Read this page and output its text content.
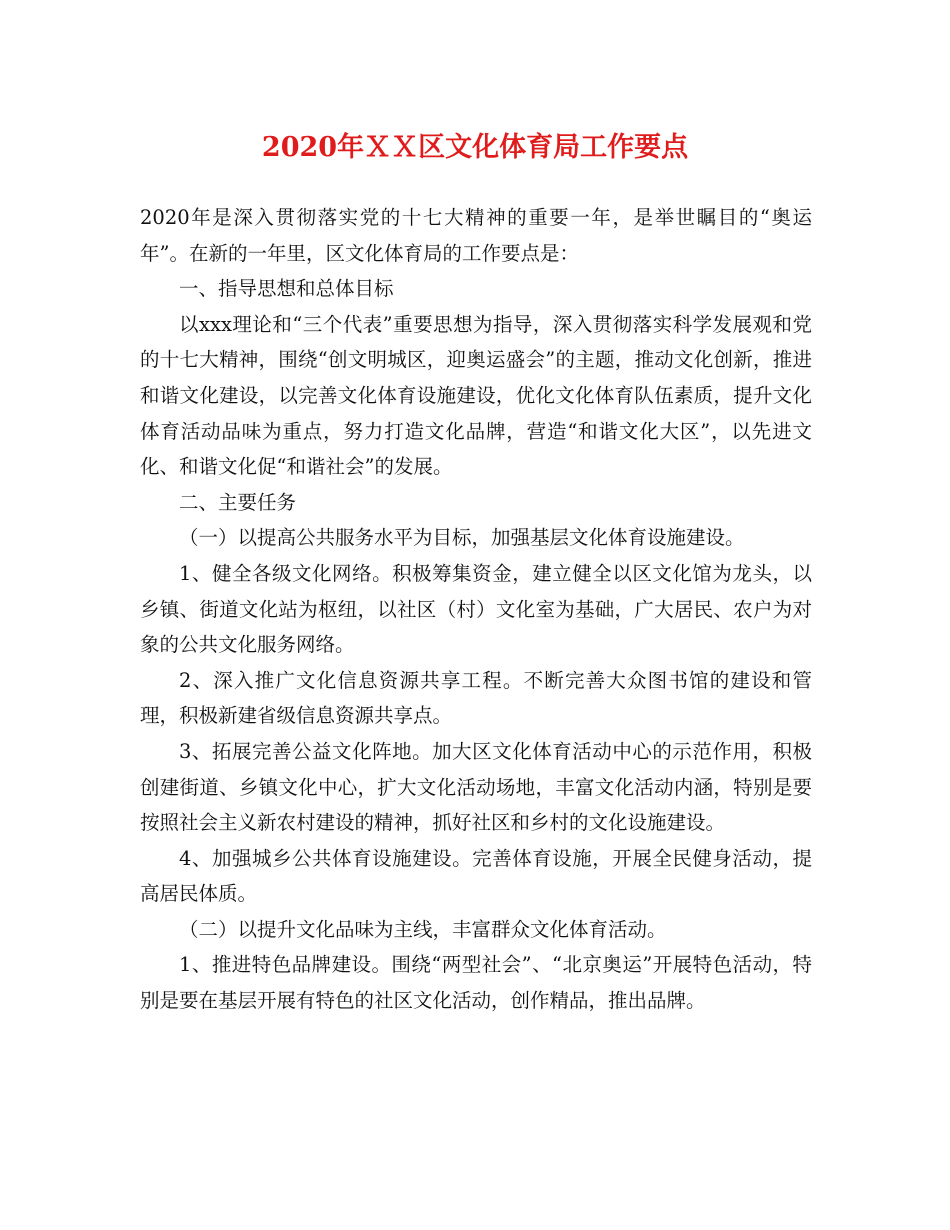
2020年ＸＸ区文化体育局工作要点

2020年是深入贯彻落实党的十七大精神的重要一年，是举世瞩目的“奥运年”。在新的一年里，区文化体育局的工作要点是：

一、指导思想和总体目标

以xxx理论和“三个代表”重要思想为指导，深入贯彻落实科学发展观和党的十七大精神，围绕“创文明城区，迎奥运盛会”的主题，推动文化创新，推进和谐文化建设，以完善文化体育设施建设，优化文化体育队伍素质，提升文化体育活动品味为重点，努力打造文化品牌，营造“和谐文化大区”，以先进文化、和谐文化促“和谐社会”的发展。

二、主要任务

（一）以提高公共服务水平为目标，加强基层文化体育设施建设。

1、健全各级文化网络。积极筹集资金，建立健全以区文化馆为龙头，以乡镇、街道文化站为枢纽，以社区（村）文化室为基础，广大居民、农户为对象的公共文化服务网络。

2、深入推广文化信息资源共享工程。不断完善大众图书馆的建设和管理，积极新建省级信息资源共享点。

3、拓展完善公益文化阵地。加大区文化体育活动中心的示范作用，积极创建街道、乡镇文化中心，扩大文化活动场地，丰富文化活动内涵，特别是要按照社会主义新农村建设的精神，抓好社区和乡村的文化设施建设。

4、加强城乡公共体育设施建设。完善体育设施，开展全民健身活动，提高居民体质。

（二）以提升文化品味为主线，丰富群众文化体育活动。

1、推进特色品牌建设。围绕“两型社会”、“北京奥运”开展特色活动，特别是要在基层开展有特色的社区文化活动，创作精品，推出品牌。
